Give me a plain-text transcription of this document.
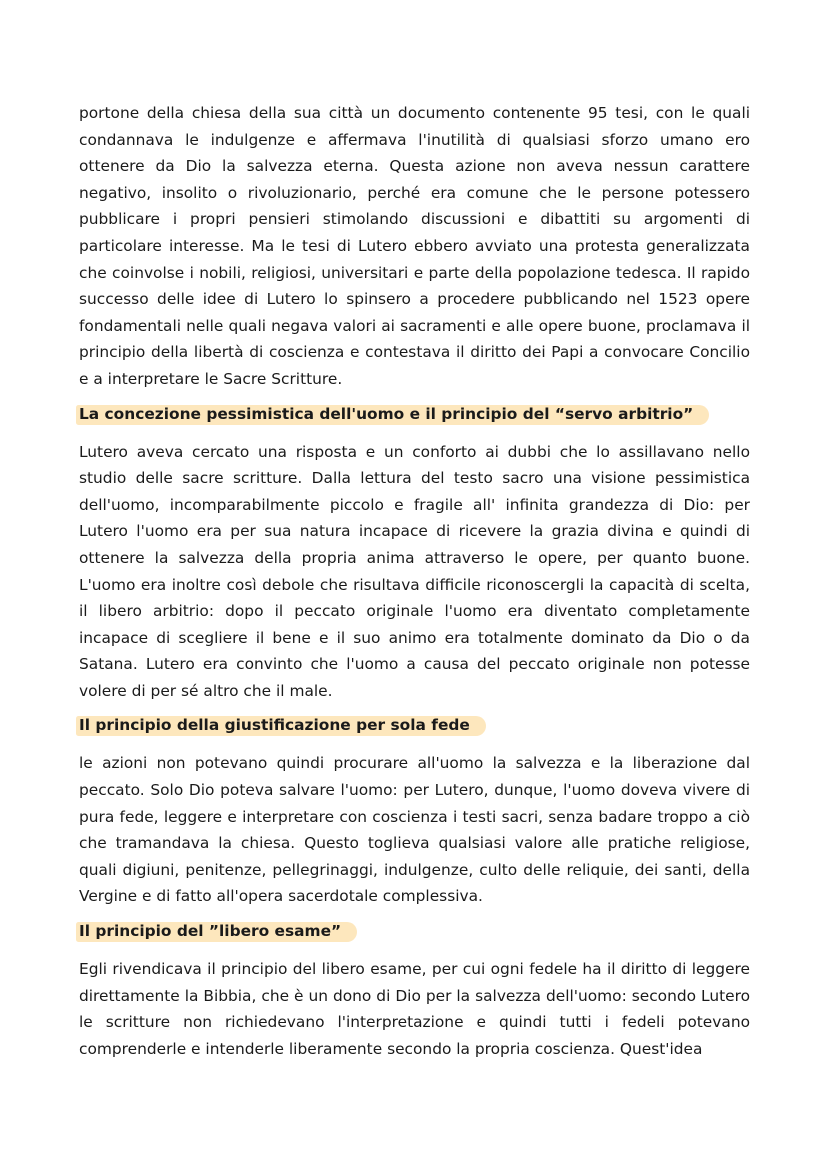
portone della chiesa della sua città un documento contenente 95 tesi, con le quali condannava le indulgenze e affermava l'inutilità di qualsiasi sforzo umano ero ottenere da Dio la salvezza eterna. Questa azione non aveva nessun carattere negativo, insolito o rivoluzionario, perché era comune che le persone potessero pubblicare i propri pensieri stimolando discussioni e dibattiti su argomenti di particolare interesse. Ma le tesi di Lutero ebbero avviato una protesta generalizzata che coinvolse i nobili, religiosi, universitari e parte della popolazione tedesca. Il rapido successo delle idee di Lutero lo spinsero a procedere pubblicando nel 1523 opere fondamentali nelle quali negava valori ai sacramenti e alle opere buone, proclamava il principio della libertà di coscienza e contestava il diritto dei Papi a convocare Concilio e a interpretare le Sacre Scritture.

La concezione pessimistica dell'uomo e il principio del “servo arbitrio”

Lutero aveva cercato una risposta e un conforto ai dubbi che lo assillavano nello studio delle sacre scritture. Dalla lettura del testo sacro una visione pessimistica dell'uomo, incomparabilmente piccolo e fragile all' infinita grandezza di Dio: per Lutero l'uomo era per sua natura incapace di ricevere la grazia divina e quindi di ottenere la salvezza della propria anima attraverso le opere, per quanto buone. L'uomo era inoltre così debole che risultava difficile riconoscergli la capacità di scelta, il libero arbitrio: dopo il peccato originale l'uomo era diventato completamente incapace di scegliere il bene e il suo animo era totalmente dominato da Dio o da Satana. Lutero era convinto che l'uomo a causa del peccato originale non potesse volere di per sé altro che il male.

Il principio della giustificazione per sola fede

le azioni non potevano quindi procurare all'uomo la salvezza e la liberazione dal peccato. Solo Dio poteva salvare l'uomo: per Lutero, dunque, l'uomo doveva vivere di pura fede, leggere e interpretare con coscienza i testi sacri, senza badare troppo a ciò che tramandava la chiesa. Questo toglieva qualsiasi valore alle pratiche religiose, quali digiuni, penitenze, pellegrinaggi, indulgenze, culto delle reliquie, dei santi, della Vergine e di fatto all'opera sacerdotale complessiva.

Il principio del ”libero esame”

Egli rivendicava il principio del libero esame, per cui ogni fedele ha il diritto di leggere direttamente la Bibbia, che è un dono di Dio per la salvezza dell'uomo: secondo Lutero le scritture non richiedevano l'interpretazione e quindi tutti i fedeli potevano comprenderle e intenderle liberamente secondo la propria coscienza. Quest'idea
